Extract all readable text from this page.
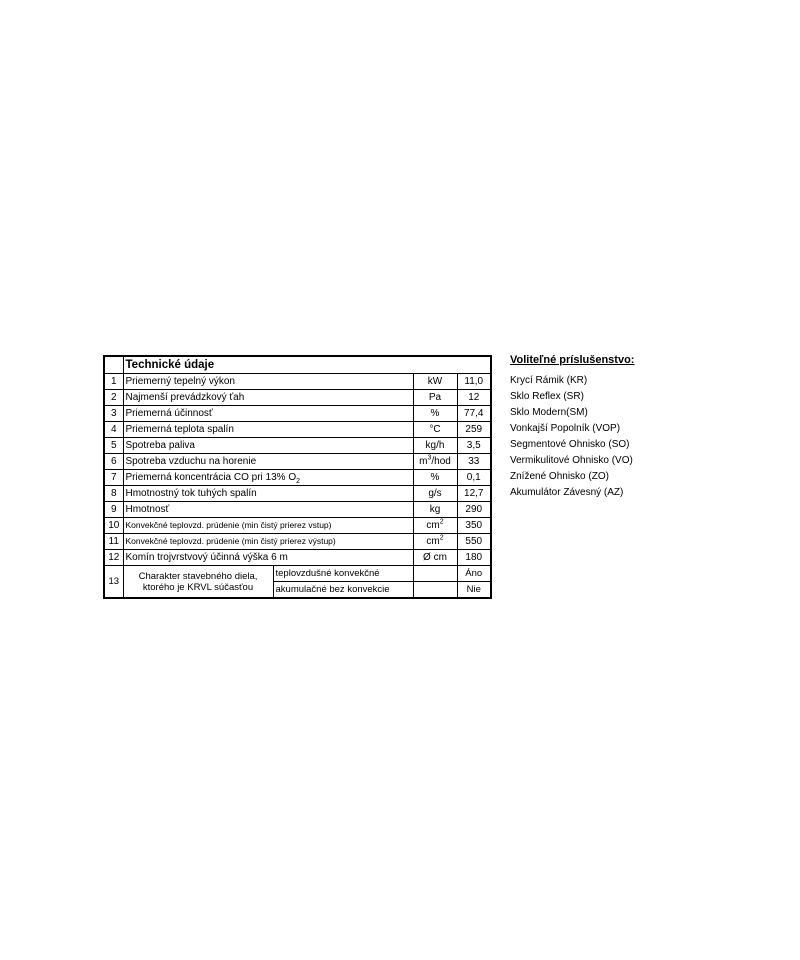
	Technické údaje			
1	Priemerný tepelný výkon		kW	11,0
2	Najmenší prevádzkový ťah		Pa	12
3	Priemerná účinnosť		%	77,4
4	Priemerná teplota spalín		°C	259
5	Spotreba paliva		kg/h	3,5
6	Spotreba vzduchu na horenie		$m^3$/hod	33
7	Priemerná koncentrácia CO pri 13% $O_2$		%	0,1
8	Hmotnostný tok tuhých spalín		g/s	12,7
9	Hmotnosť		kg	290
10	Konvekčné teplovzd. prúdenie (min čistý prierez vstup)		$cm^2$	350
11	Konvekčné teplovzd. prúdenie (min čistý prierez výstup)		$cm^2$	550
12	Komín trojvrstvový účinná výška 6 m		Ø cm	180
13	Charakter stavebného diela,
ktorého je KRVL súčasťou	teplovzdušné konvekčné		Áno
		akumulačné bez konvekcie		Nie
Voliteľné príslušenstvo:
Krycí Rámik (KR)
Sklo Reflex (SR)
Sklo Modern(SM)
Vonkajší Popolník (VOP)
Segmentové Ohnisko (SO)
Vermikulitové Ohnisko (VO)
Znížené Ohnisko (ZO)
Akumulátor Závesný (AZ)
